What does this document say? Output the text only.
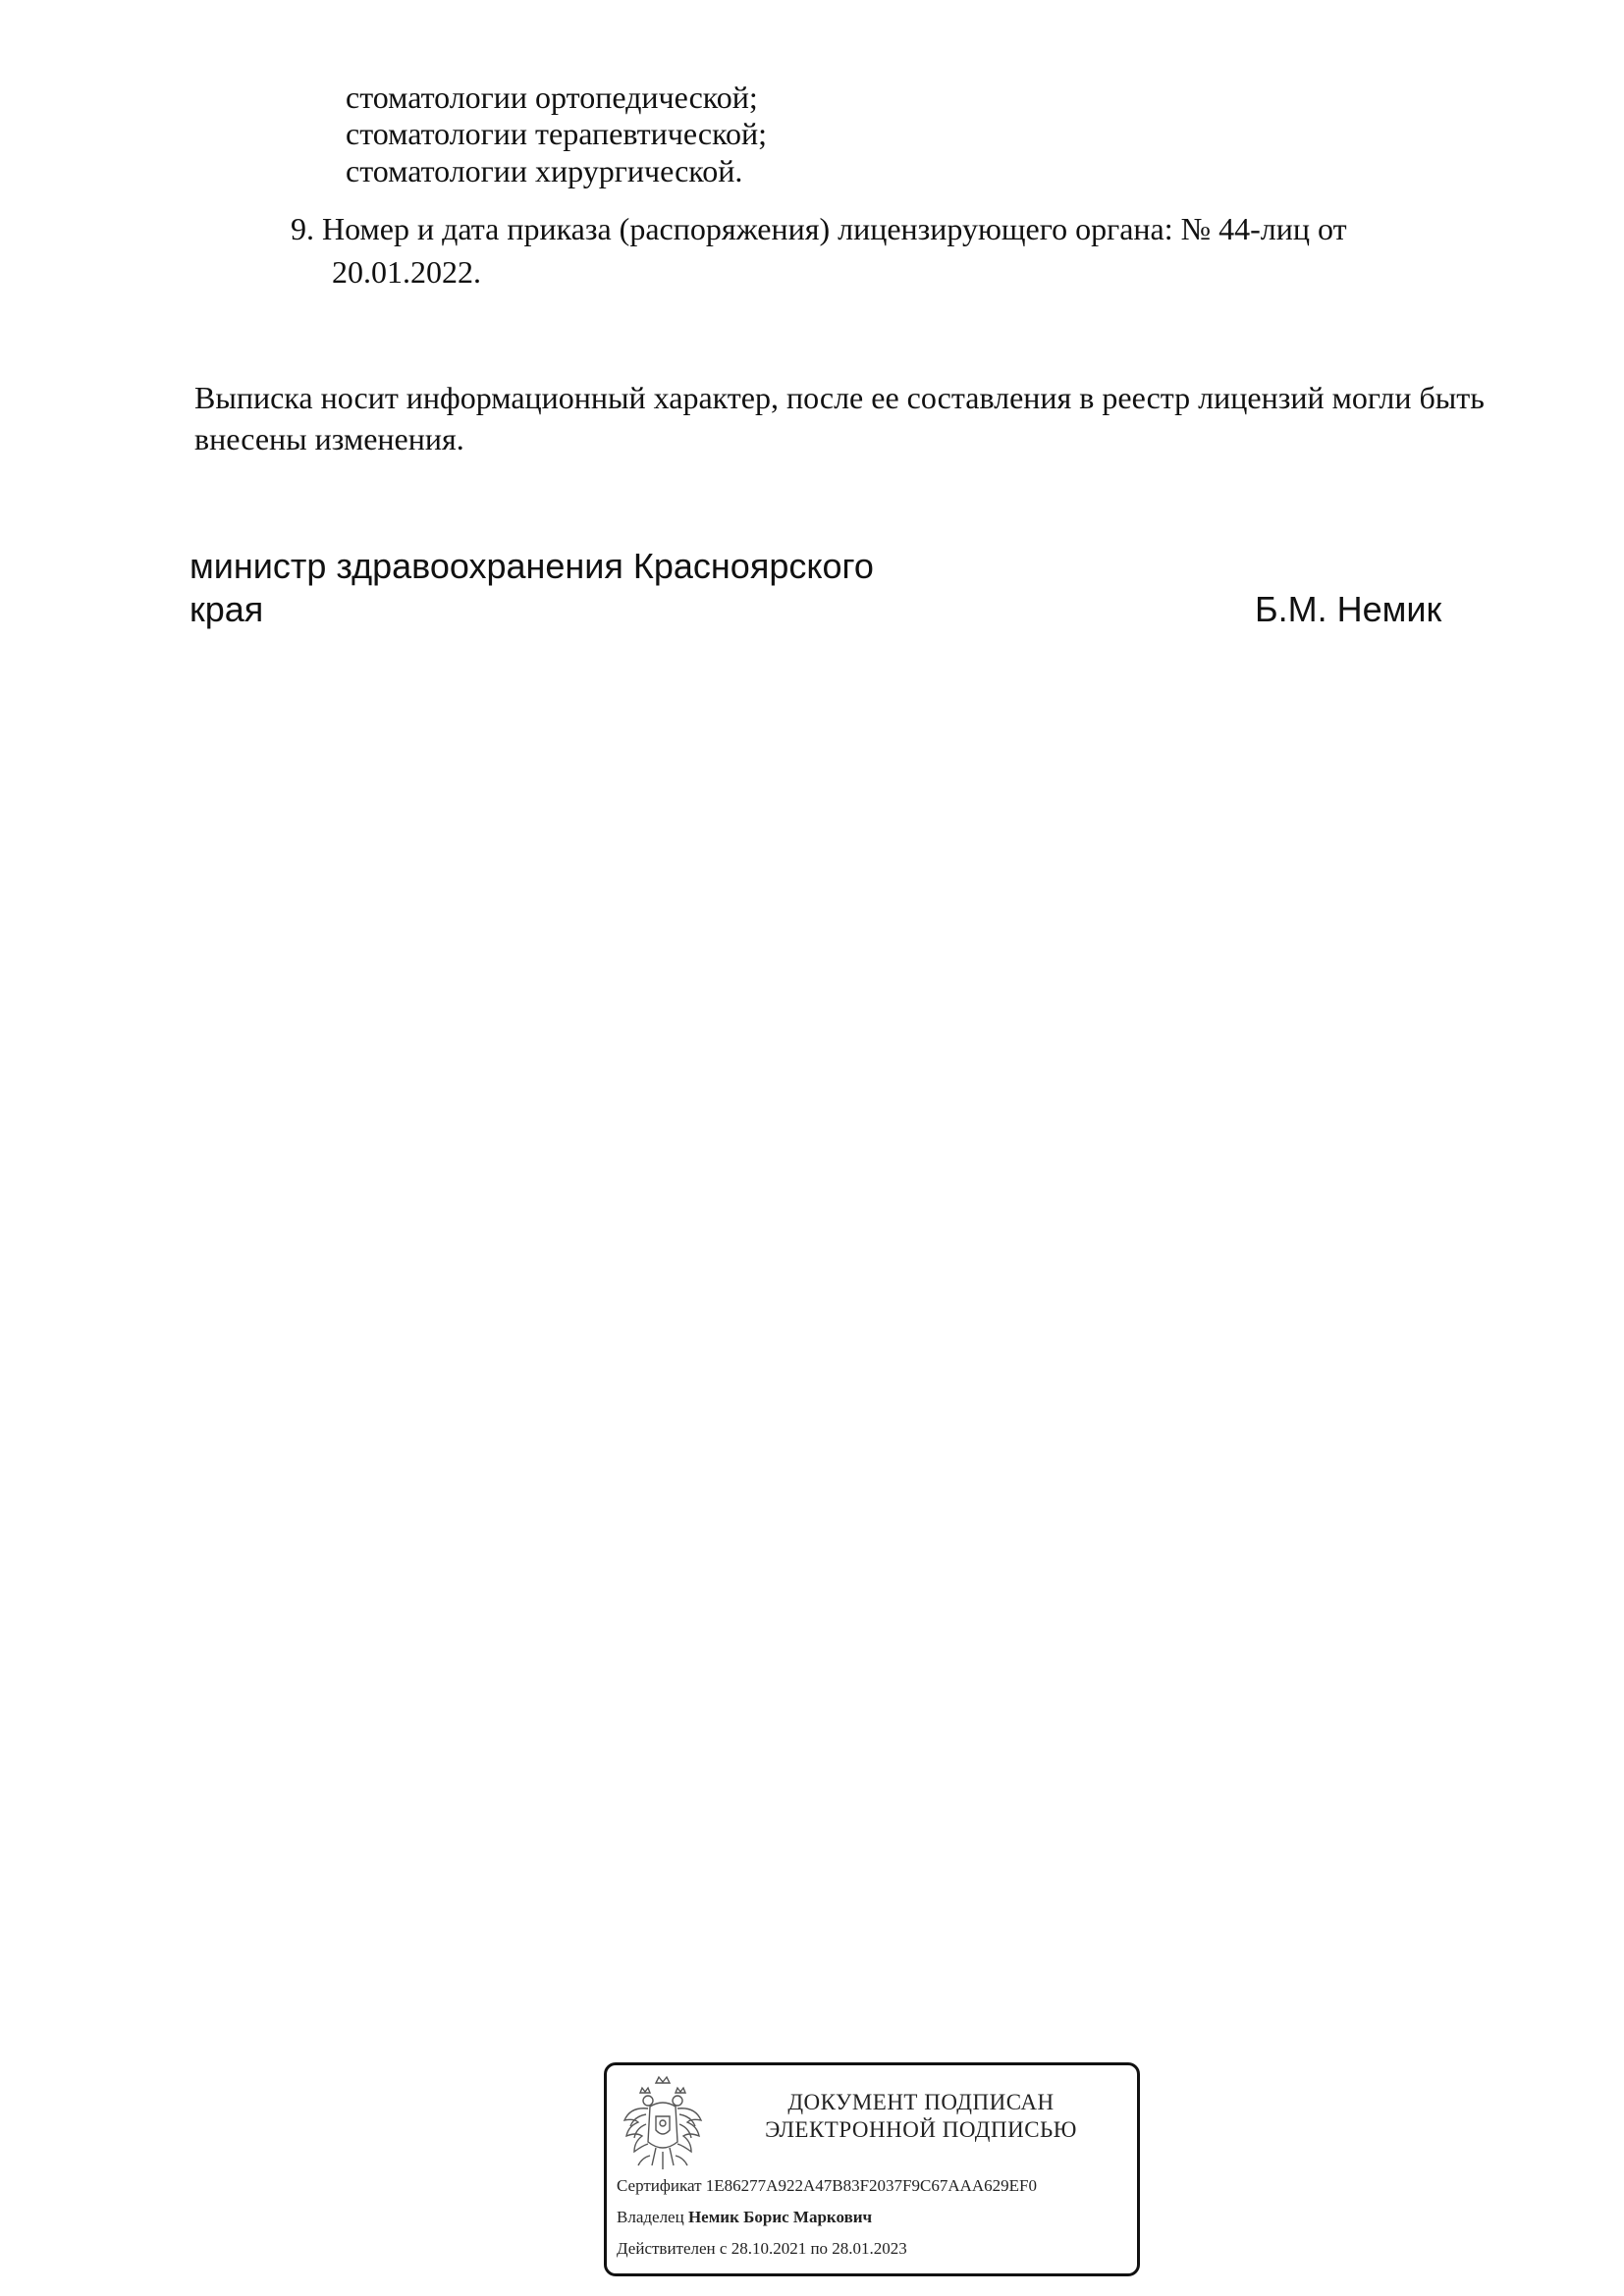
стоматологии ортопедической;
стоматологии терапевтической;
стоматологии хирургической.
9. Номер и дата приказа (распоряжения) лицензирующего органа: № 44-лиц от
20.01.2022.
Выписка носит информационный характер, после ее составления в реестр лицензий могли быть
внесены изменения.
министр здравоохранения Красноярского
края	Б.М. Немик
ДОКУМЕНТ ПОДПИСАН
ЭЛЕКТРОННОЙ ПОДПИСЬЮ
Сертификат 1E86277A922A47B83F2037F9C67AAA629EF0
Владелец Немик Борис Маркович
Действителен с 28.10.2021 по 28.01.2023
